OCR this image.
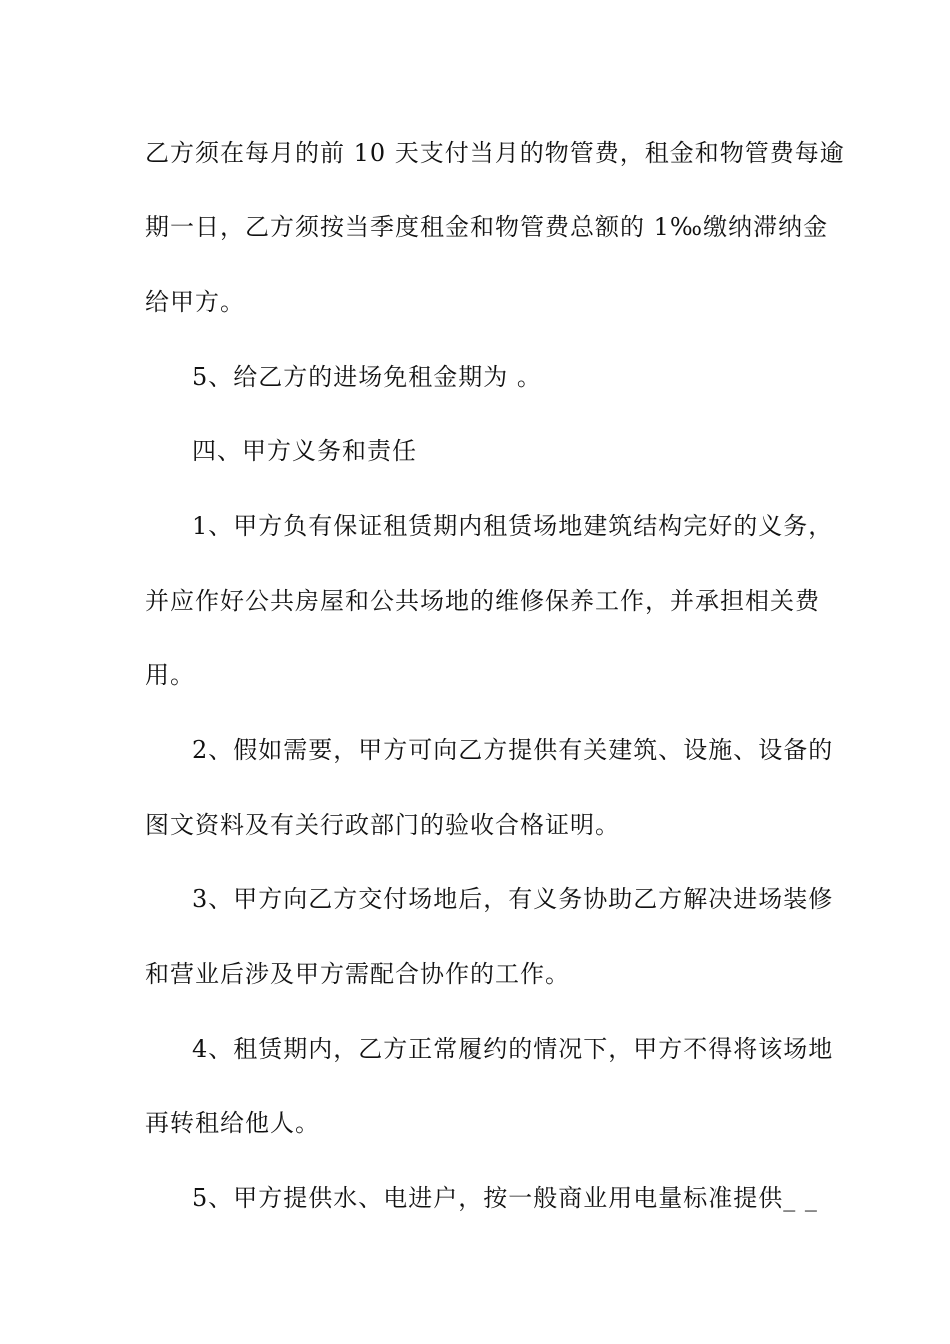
乙方须在每月的前 10 天支付当月的物管费，租金和物管费每逾
期一日，乙方须按当季度租金和物管费总额的 1‰缴纳滞纳金
给甲方。
5、给乙方的进场免租金期为 。
四、甲方义务和责任
1、甲方负有保证租赁期内租赁场地建筑结构完好的义务，
并应作好公共房屋和公共场地的维修保养工作，并承担相关费
用。
2、假如需要，甲方可向乙方提供有关建筑、设施、设备的
图文资料及有关行政部门的验收合格证明。
3、甲方向乙方交付场地后，有义务协助乙方解决进场装修
和营业后涉及甲方需配合协作的工作。
4、租赁期内，乙方正常履约的情况下，甲方不得将该场地
再转租给他人。
5、甲方提供水、电进户，按一般商业用电量标准提供_ _
